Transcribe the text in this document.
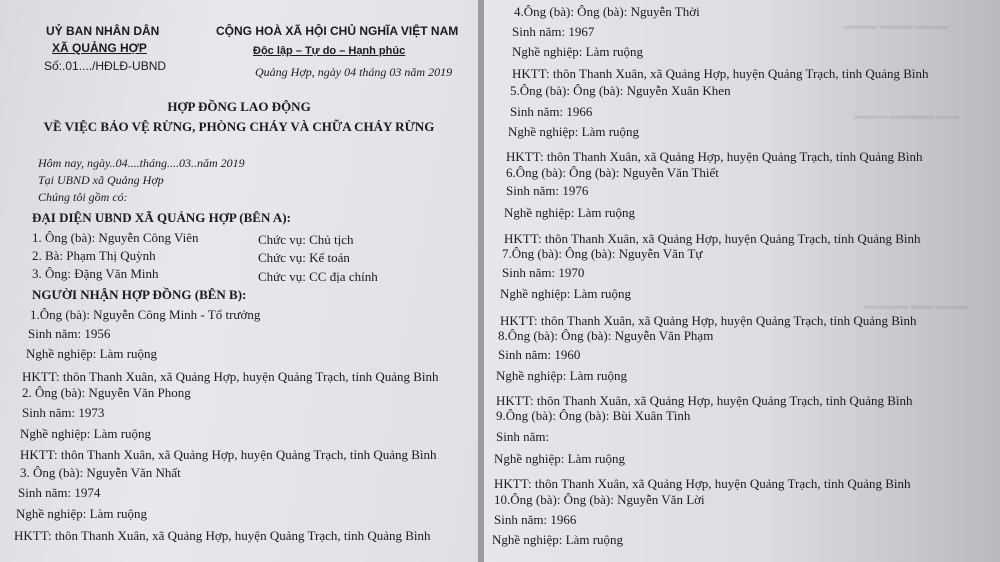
UỶ BAN NHÂN DÂN
XÃ QUẢNG HỢP
Số:.01..../HĐLĐ-UBND
CỘNG HOÀ XÃ HỘI CHỦ NGHĨA VIỆT NAM
Độc lập – Tự do – Hạnh phúc
Quảng Hợp, ngày 04 tháng 03 năm 2019
HỢP ĐỒNG LAO ĐỘNG
VỀ VIỆC BẢO VỆ RỪNG, PHÒNG CHÁY VÀ CHỮA CHÁY RỪNG
Hôm nay, ngày..04....tháng....03..năm 2019
Tại UBND xã Quảng Hợp
Chúng tôi gồm có:
ĐẠI DIỆN UBND XÃ QUẢNG HỢP (BÊN A):
1. Ông (bà): Nguyễn Công Viên	Chức vụ: Chủ tịch
2. Bà: Phạm Thị Quỳnh	Chức vụ: Kế toán
3. Ông: Đặng Văn Minh	Chức vụ: CC địa chính
NGƯỜI NHẬN HỢP ĐỒNG (BÊN B):
1.Ông (bà): Nguyễn Công Minh - Tổ trưởng
Sinh năm: 1956
Nghề nghiệp: Làm ruộng
HKTT: thôn Thanh Xuân, xã Quảng Hợp, huyện Quảng Trạch, tỉnh Quảng Bình
2. Ông (bà): Nguyễn Văn Phong
Sinh năm: 1973
Nghề nghiệp: Làm ruộng
HKTT: thôn Thanh Xuân, xã Quảng Hợp, huyện Quảng Trạch, tỉnh Quảng Bình
3. Ông (bà): Nguyễn Văn Nhất
Sinh năm: 1974
Nghề nghiệp: Làm ruộng
HKTT: thôn Thanh Xuân, xã Quảng Hợp, huyện Quảng Trạch, tỉnh Quảng Bình
▬▬▬ ▬▬▬ ▬▬▬
▬▬ ▬▬▬▬ ▬▬▬
▬▬▬ ▬▬ ▬▬▬▬
4.Ông (bà): Ông (bà): Nguyễn Thời
Sinh năm: 1967
Nghề nghiệp: Làm ruộng
HKTT: thôn Thanh Xuân, xã Quảng Hợp, huyện Quảng Trạch, tỉnh Quảng Bình
5.Ông (bà): Ông (bà): Nguyễn Xuân Khen
Sinh năm: 1966
Nghề nghiệp: Làm ruộng
HKTT: thôn Thanh Xuân, xã Quảng Hợp, huyện Quảng Trạch, tỉnh Quảng Bình
6.Ông (bà): Ông (bà): Nguyễn Văn Thiết
Sinh năm: 1976
Nghề nghiệp: Làm ruộng
HKTT: thôn Thanh Xuân, xã Quảng Hợp, huyện Quảng Trạch, tỉnh Quảng Bình
7.Ông (bà): Ông (bà): Nguyễn Văn Tự
Sinh năm: 1970
Nghề nghiệp: Làm ruộng
HKTT: thôn Thanh Xuân, xã Quảng Hợp, huyện Quảng Trạch, tỉnh Quảng Bình
8.Ông (bà): Ông (bà): Nguyễn Văn Phạm
Sinh năm: 1960
Nghề nghiệp: Làm ruộng
HKTT: thôn Thanh Xuân, xã Quảng Hợp, huyện Quảng Trạch, tỉnh Quảng Bình
9.Ông (bà): Ông (bà): Bùi Xuân Tình
Sinh năm:
Nghề nghiệp: Làm ruộng
HKTT: thôn Thanh Xuân, xã Quảng Hợp, huyện Quảng Trạch, tỉnh Quảng Bình
10.Ông (bà): Ông (bà): Nguyễn Văn Lời
Sinh năm: 1966
Nghề nghiệp: Làm ruộng
